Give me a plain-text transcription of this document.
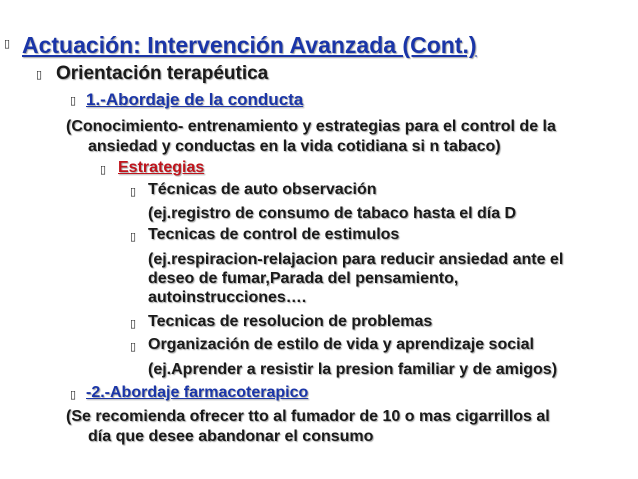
▯ Actuación: Intervención Avanzada (Cont.)
▯ Orientación terapéutica
▯ 1.-Abordaje de la conducta
(Conocimiento- entrenamiento y estrategias para el control de la
ansiedad y conductas en la vida cotidiana si n tabaco)
▯ Estrategias
▯ Técnicas de auto observación
(ej.registro de consumo de tabaco hasta el día D
▯ Tecnicas de control de estimulos
(ej.respiracion-relajacion para reducir ansiedad ante el
deseo de fumar,Parada del pensamiento,
autoinstrucciones….
▯ Tecnicas de resolucion de problemas
▯ Organización de estilo de vida y aprendizaje social
(ej.Aprender a resistir la presion familiar y de amigos)
▯ -2.-Abordaje farmacoterapico
(Se recomienda ofrecer tto al fumador de 10 o mas cigarrillos al
día que desee abandonar el consumo
